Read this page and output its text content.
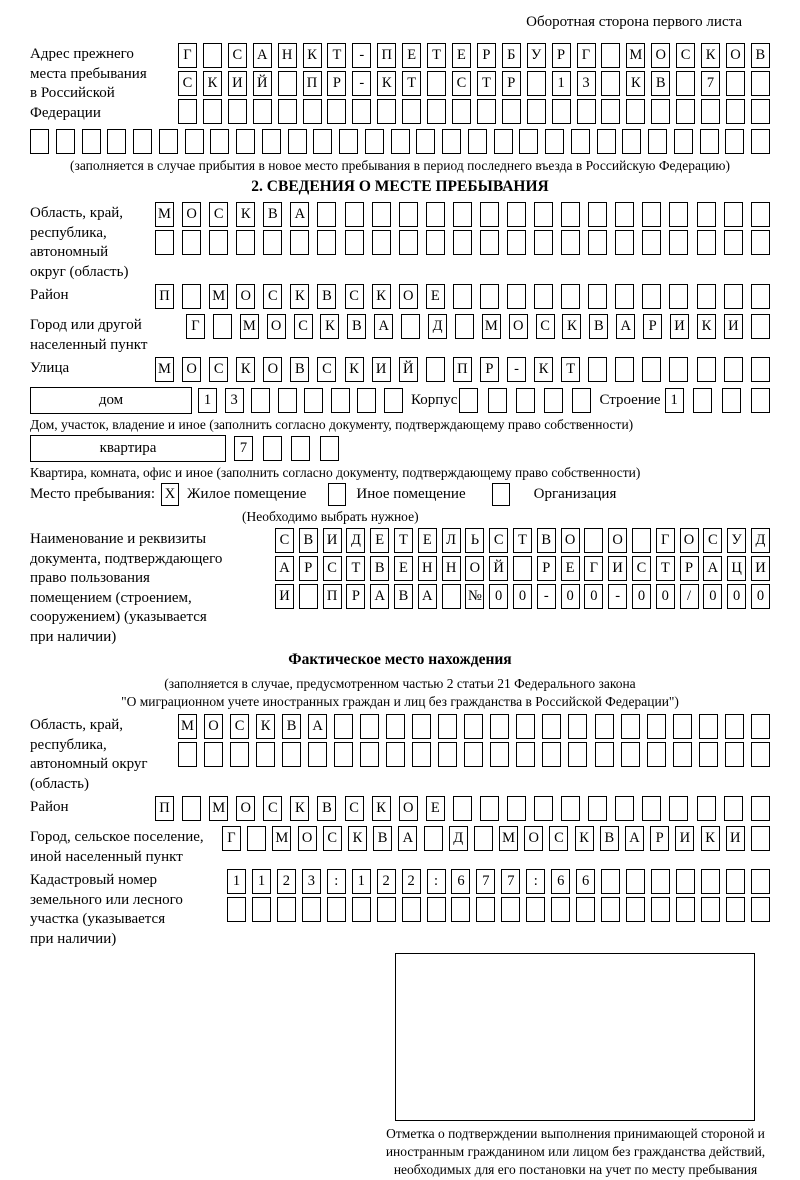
Оборотная сторона первого листа
Адрес прежнего
места пребывания
в Российской
Федерации
Г	С	А Н	К	Т	-	П	Е	Т	Е	Р	Б	У	Р	Г	М О	С	К	О	В
С	К	И Й	П	Р	-	К	Т	С	Т	Р	1	3	К	В	7
(заполняется в случае прибытия в новое место пребывания в период последнего въезда в Российскую Федерацию)
2. СВЕДЕНИЯ О МЕСТЕ ПРЕБЫВАНИЯ
Область, край,
республика,
автономный
округ (область)
М О	С	К	В	А
Район	П	М О	С	К	В	С	К	О	Е
Город или другой
населенный пункт
Г	М О	С	К	В	А	Д	М О	С	К	В	А	Р	И	К	И
Улица	М О	С	К	О	В	С	К	И Й	П	Р	-	К	Т
дом	1	3	Корпус	Строение 1
Дом, участок, владение и иное (заполнить согласно документу, подтверждающему право собственности)
квартира	7
Квартира, комната, офис и иное (заполнить согласно документу, подтверждающему право собственности)
Место пребывания: X Жилое помещение	Иное помещение	Организация
(Необходимо выбрать нужное)
Наименование и реквизиты
документа, подтверждающего
право пользования
помещением (строением,
сооружением) (указывается
при наличии)
С В И Д Е	Т	Е Л	Ь	С	Т	В О	О	Г О С У Д
А	Р	С	Т	В	Е Н Н О Й	Р	Е	Г И С	Т	Р	А Ц И
И	П	Р	А В А № 0	0	-	0	0	-	0	0	/	0	0	0
Фактическое место нахождения
(заполняется в случае, предусмотренном частью 2 статьи 21 Федерального закона
"О миграционном учете иностранных граждан и лиц без гражданства в Российской Федерации")
Область, край,
республика,
автономный округ
(область)
М О	С	К	В	А
Район	П	М О	С	К	В	С	К	О	Е
Город, сельское поселение,
иной населенный пункт
Г	М О	С	К	В	А	Д	М О	С	К	В	А	Р	И	К	И
Кадастровый номер
земельного или лесного
участка (указывается
при наличии)
1	1	2	3	:	1	2	2	:	6	7	7	:	6	6
Отметка о подтверждении выполнения принимающей стороной и иностранным гражданином или лицом без гражданства действий, необходимых для его постановки на учет по месту пребывания
